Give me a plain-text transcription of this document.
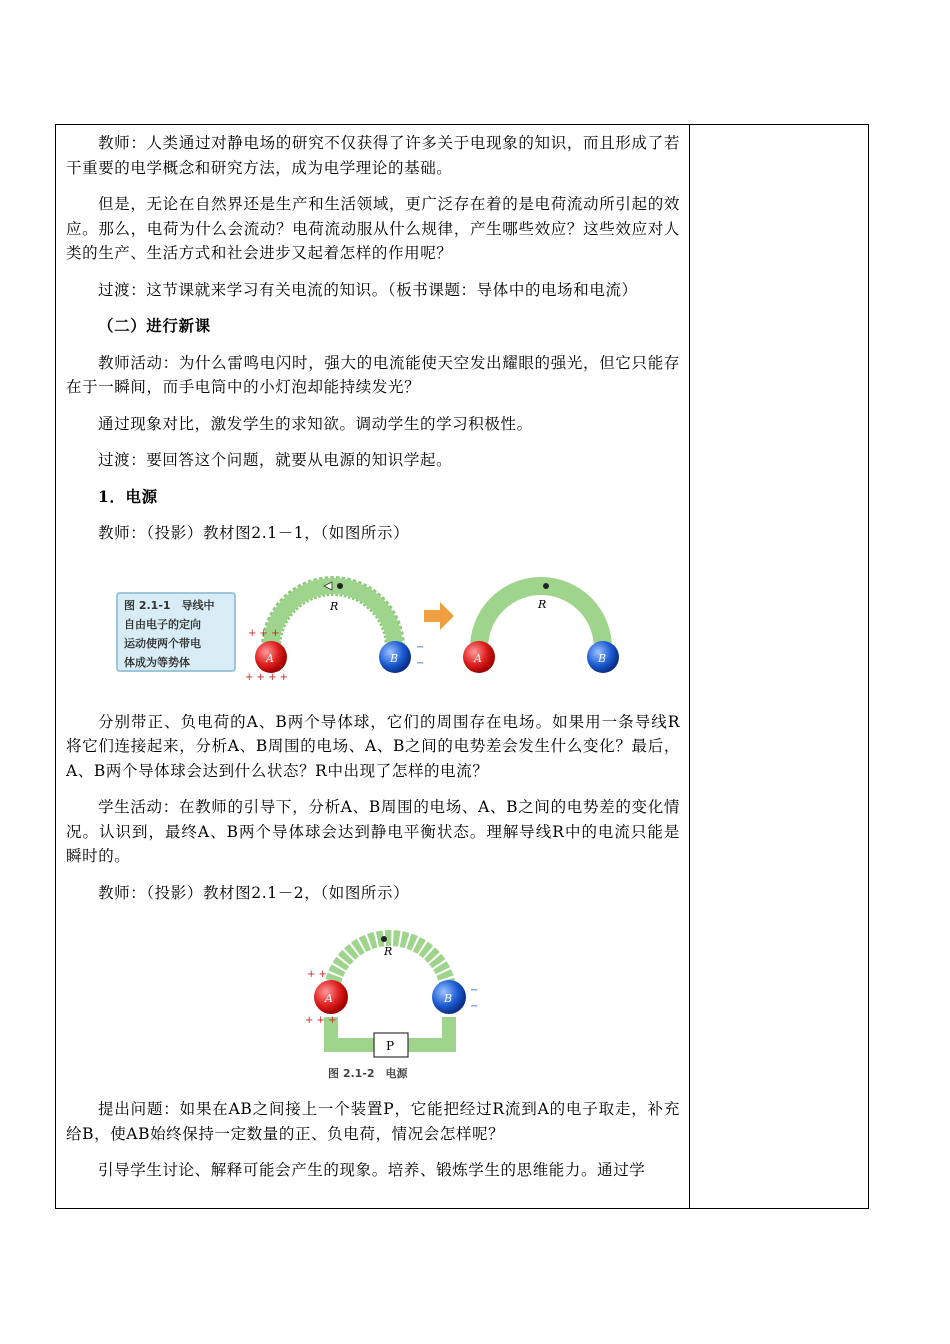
教师：人类通过对静电场的研究不仅获得了许多关于电现象的知识，而且形成了若干重要的电学概念和研究方法，成为电学理论的基础。

但是，无论在自然界还是生产和生活领域，更广泛存在着的是电荷流动所引起的效应。那么，电荷为什么会流动？电荷流动服从什么规律，产生哪些效应？这些效应对人类的生产、生活方式和社会进步又起着怎样的作用呢？

过渡：这节课就来学习有关电流的知识。（板书课题：导体中的电场和电流）

（二）进行新课

教师活动：为什么雷鸣电闪时，强大的电流能使天空发出耀眼的强光，但它只能存在于一瞬间，而手电筒中的小灯泡却能持续发光？

通过现象对比，激发学生的求知欲。调动学生的学习积极性。

过渡：要回答这个问题，就要从电源的知识学起。

1．电源

教师：（投影）教材图2.1－1，（如图所示）

图 2.1-1　导线中
自由电子的定向
运动使两个带电
体成为等势体
R
A
+ + +
+ + + +
B
−
−
R
A	B

分别带正、负电荷的A、B两个导体球，它们的周围存在电场。如果用一条导线R将它们连接起来，分析A、B周围的电场、A、B之间的电势差会发生什么变化？最后，A、B两个导体球会达到什么状态？R中出现了怎样的电流？

学生活动：在教师的引导下，分析A、B周围的电场、A、B之间的电势差的变化情况。认识到，最终A、B两个导体球会达到静电平衡状态。理解导线R中的电流只能是瞬时的。

教师：（投影）教材图2.1－2，（如图所示）

R
P
A	B
+ +
+ + +
−
−
图 2.1-2　电源

提出问题：如果在AB之间接上一个装置P，它能把经过R流到A的电子取走，补充给B，使AB始终保持一定数量的正、负电荷，情况会怎样呢？

引导学生讨论、解释可能会产生的现象。培养、锻炼学生的思维能力。通过学
